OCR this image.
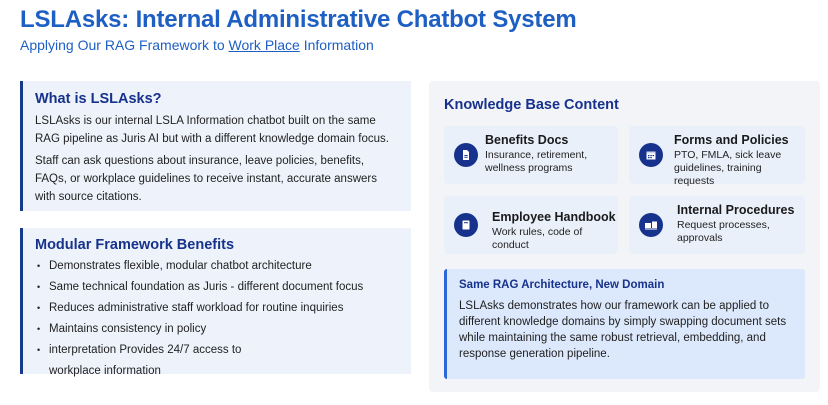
LSLAsks: Internal Administrative Chatbot System
Applying Our RAG Framework to Work Place Information
What is LSLAsks?

LSLAsks is our internal LSLA Information chatbot built on the same RAG pipeline as Juris AI but with a different knowledge domain focus.

Staff can ask questions about insurance, leave policies, benefits, FAQs, or workplace guidelines to receive instant, accurate answers with source citations.

Modular Framework Benefits
• Demonstrates flexible, modular chatbot architecture
• Same technical foundation as Juris - different document focus
• Reduces administrative staff workload for routine inquiries
• Maintains consistency in policy
• interpretation Provides 24/7 access to
workplace information
Knowledge Base Content
Benefits Docs
Insurance, retirement, wellness programs
Forms and Policies
PTO, FMLA, sick leave guidelines, training requests
Employee Handbook
Work rules, code of conduct
Internal Procedures
Request processes, approvals
Same RAG Architecture, New Domain

LSLAsks demonstrates how our framework can be applied to different knowledge domains by simply swapping document sets while maintaining the same robust retrieval, embedding, and response generation pipeline.
